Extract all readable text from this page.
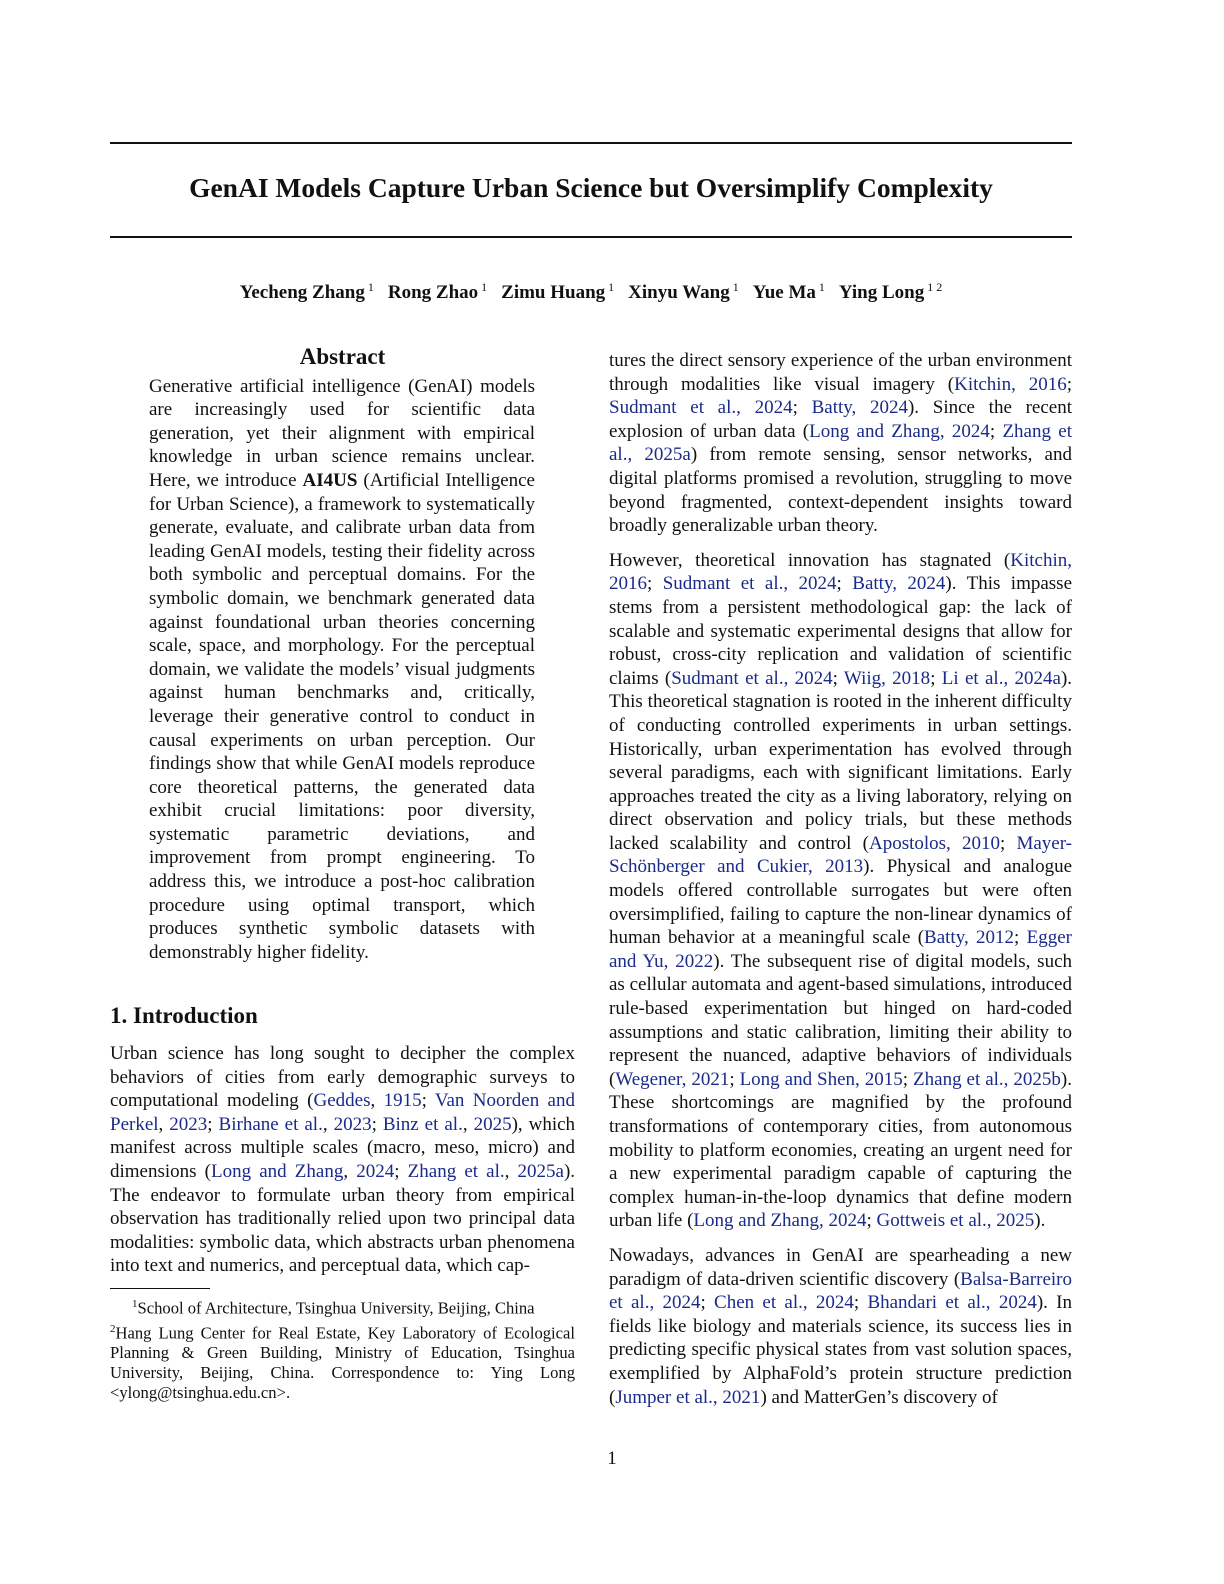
GenAI Models Capture Urban Science but Oversimplify Complexity
Yecheng Zhang $^1$ Rong Zhao $^1$ Zimu Huang $^1$ Xinyu Wang $^1$ Yue Ma $^1$ Ying Long $^{1 2}$
Abstract
Generative artificial intelligence (GenAI) models are increasingly used for scientific data generation, yet their alignment with empirical knowledge in urban science remains unclear. Here, we introduce AI4US (Artificial Intelligence for Urban Science), a framework to systematically generate, evaluate, and calibrate urban data from leading GenAI models, testing their fidelity across both symbolic and perceptual domains. For the symbolic domain, we benchmark generated data against foundational urban theories concerning scale, space, and morphology. For the perceptual domain, we validate the models’ visual judgments against human benchmarks and, critically, leverage their generative control to conduct in causal experiments on urban perception. Our findings show that while GenAI models reproduce core theoretical patterns, the generated data exhibit crucial limitations: poor diversity, systematic parametric deviations, and improvement from prompt engineering. To address this, we introduce a post-hoc calibration procedure using optimal transport, which produces synthetic symbolic datasets with demonstrably higher fidelity.
1. Introduction

Urban science has long sought to decipher the complex behaviors of cities from early demographic surveys to computational modeling (Geddes, 1915; Van Noorden and Perkel, 2023; Birhane et al., 2023; Binz et al., 2025), which manifest across multiple scales (macro, meso, micro) and dimensions (Long and Zhang, 2024; Zhang et al., 2025a). The endeavor to formulate urban theory from empirical observation has traditionally relied upon two principal data modalities: symbolic data, which abstracts urban phenomena into text and numerics, and perceptual data, which cap-

$^1$School of Architecture, Tsinghua University, Beijing, China
$^2$Hang Lung Center for Real Estate, Key Laboratory of Ecological Planning & Green Building, Ministry of Education, Tsinghua University, Beijing, China. Correspondence to: Ying Long <ylong@tsinghua.edu.cn>.

tures the direct sensory experience of the urban environment through modalities like visual imagery (Kitchin, 2016; Sudmant et al., 2024; Batty, 2024). Since the recent explosion of urban data (Long and Zhang, 2024; Zhang et al., 2025a) from remote sensing, sensor networks, and digital platforms promised a revolution, struggling to move beyond fragmented, context-dependent insights toward broadly generalizable urban theory.

However, theoretical innovation has stagnated (Kitchin, 2016; Sudmant et al., 2024; Batty, 2024). This impasse stems from a persistent methodological gap: the lack of scalable and systematic experimental designs that allow for robust, cross-city replication and validation of scientific claims (Sudmant et al., 2024; Wiig, 2018; Li et al., 2024a). This theoretical stagnation is rooted in the inherent difficulty of conducting controlled experiments in urban settings. Historically, urban experimentation has evolved through several paradigms, each with significant limitations. Early approaches treated the city as a living laboratory, relying on direct observation and policy trials, but these methods lacked scalability and control (Apostolos, 2010; Mayer-Schönberger and Cukier, 2013). Physical and analogue models offered controllable surrogates but were often oversimplified, failing to capture the non-linear dynamics of human behavior at a meaningful scale (Batty, 2012; Egger and Yu, 2022). The subsequent rise of digital models, such as cellular automata and agent-based simulations, introduced rule-based experimentation but hinged on hard-coded assumptions and static calibration, limiting their ability to represent the nuanced, adaptive behaviors of individuals (Wegener, 2021; Long and Shen, 2015; Zhang et al., 2025b). These shortcomings are magnified by the profound transformations of contemporary cities, from autonomous mobility to platform economies, creating an urgent need for a new experimental paradigm capable of capturing the complex human-in-the-loop dynamics that define modern urban life (Long and Zhang, 2024; Gottweis et al., 2025).

Nowadays, advances in GenAI are spearheading a new paradigm of data-driven scientific discovery (Balsa-Barreiro et al., 2024; Chen et al., 2024; Bhandari et al., 2024). In fields like biology and materials science, its success lies in predicting specific physical states from vast solution spaces, exemplified by AlphaFold’s protein structure prediction (Jumper et al., 2021) and MatterGen’s discovery of

1
